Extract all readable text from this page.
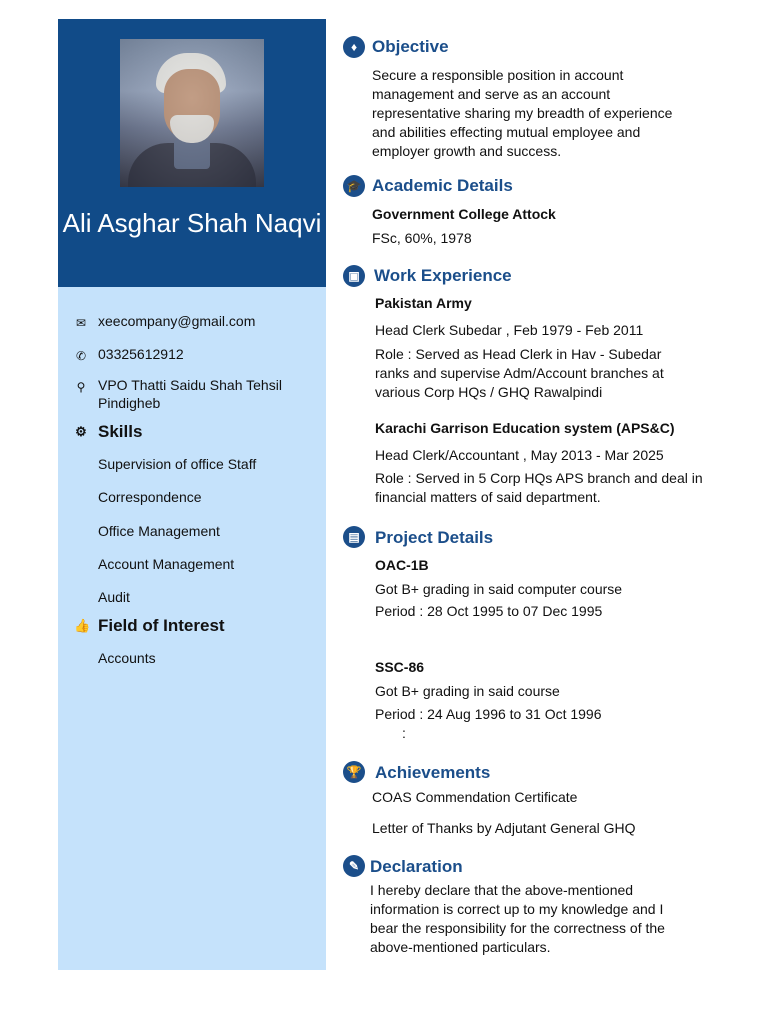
Ali Asghar Shah Naqvi
✉ xeecompany@gmail.com
✆ 03325612912
⚲ VPO Thatti Saidu Shah Tehsil Pindigheb
⚙ Skills
Supervision of office Staff
Correspondence
Office Management
Account Management
Audit
👍 Field of Interest
Accounts
♦ Objective
Secure a responsible position in account management and serve as an account representative sharing my breadth of experience and abilities effecting mutual employee and employer growth and success.
🎓 Academic Details
Government College Attock
FSc, 60%, 1978
▣ Work Experience
Pakistan Army
Head Clerk Subedar , Feb 1979 - Feb 2011
Role : Served as Head Clerk in Hav - Subedar ranks and supervise Adm/Account branches at various Corp HQs / GHQ Rawalpindi
Karachi Garrison Education system (APS&C)
Head Clerk/Accountant , May 2013 - Mar 2025
Role : Served in 5 Corp HQs APS branch and deal in financial matters of said department.
▤ Project Details
OAC-1B
Got B+ grading in said computer course
Period : 28 Oct 1995 to 07 Dec 1995
SSC-86
Got B+ grading in said course
Period : 24 Aug 1996 to 31 Oct 1996
:
🏆 Achievements
COAS Commendation Certificate
Letter of Thanks by Adjutant General GHQ
✎ Declaration
I hereby declare that the above-mentioned information is correct up to my knowledge and I bear the responsibility for the correctness of the above-mentioned particulars.
